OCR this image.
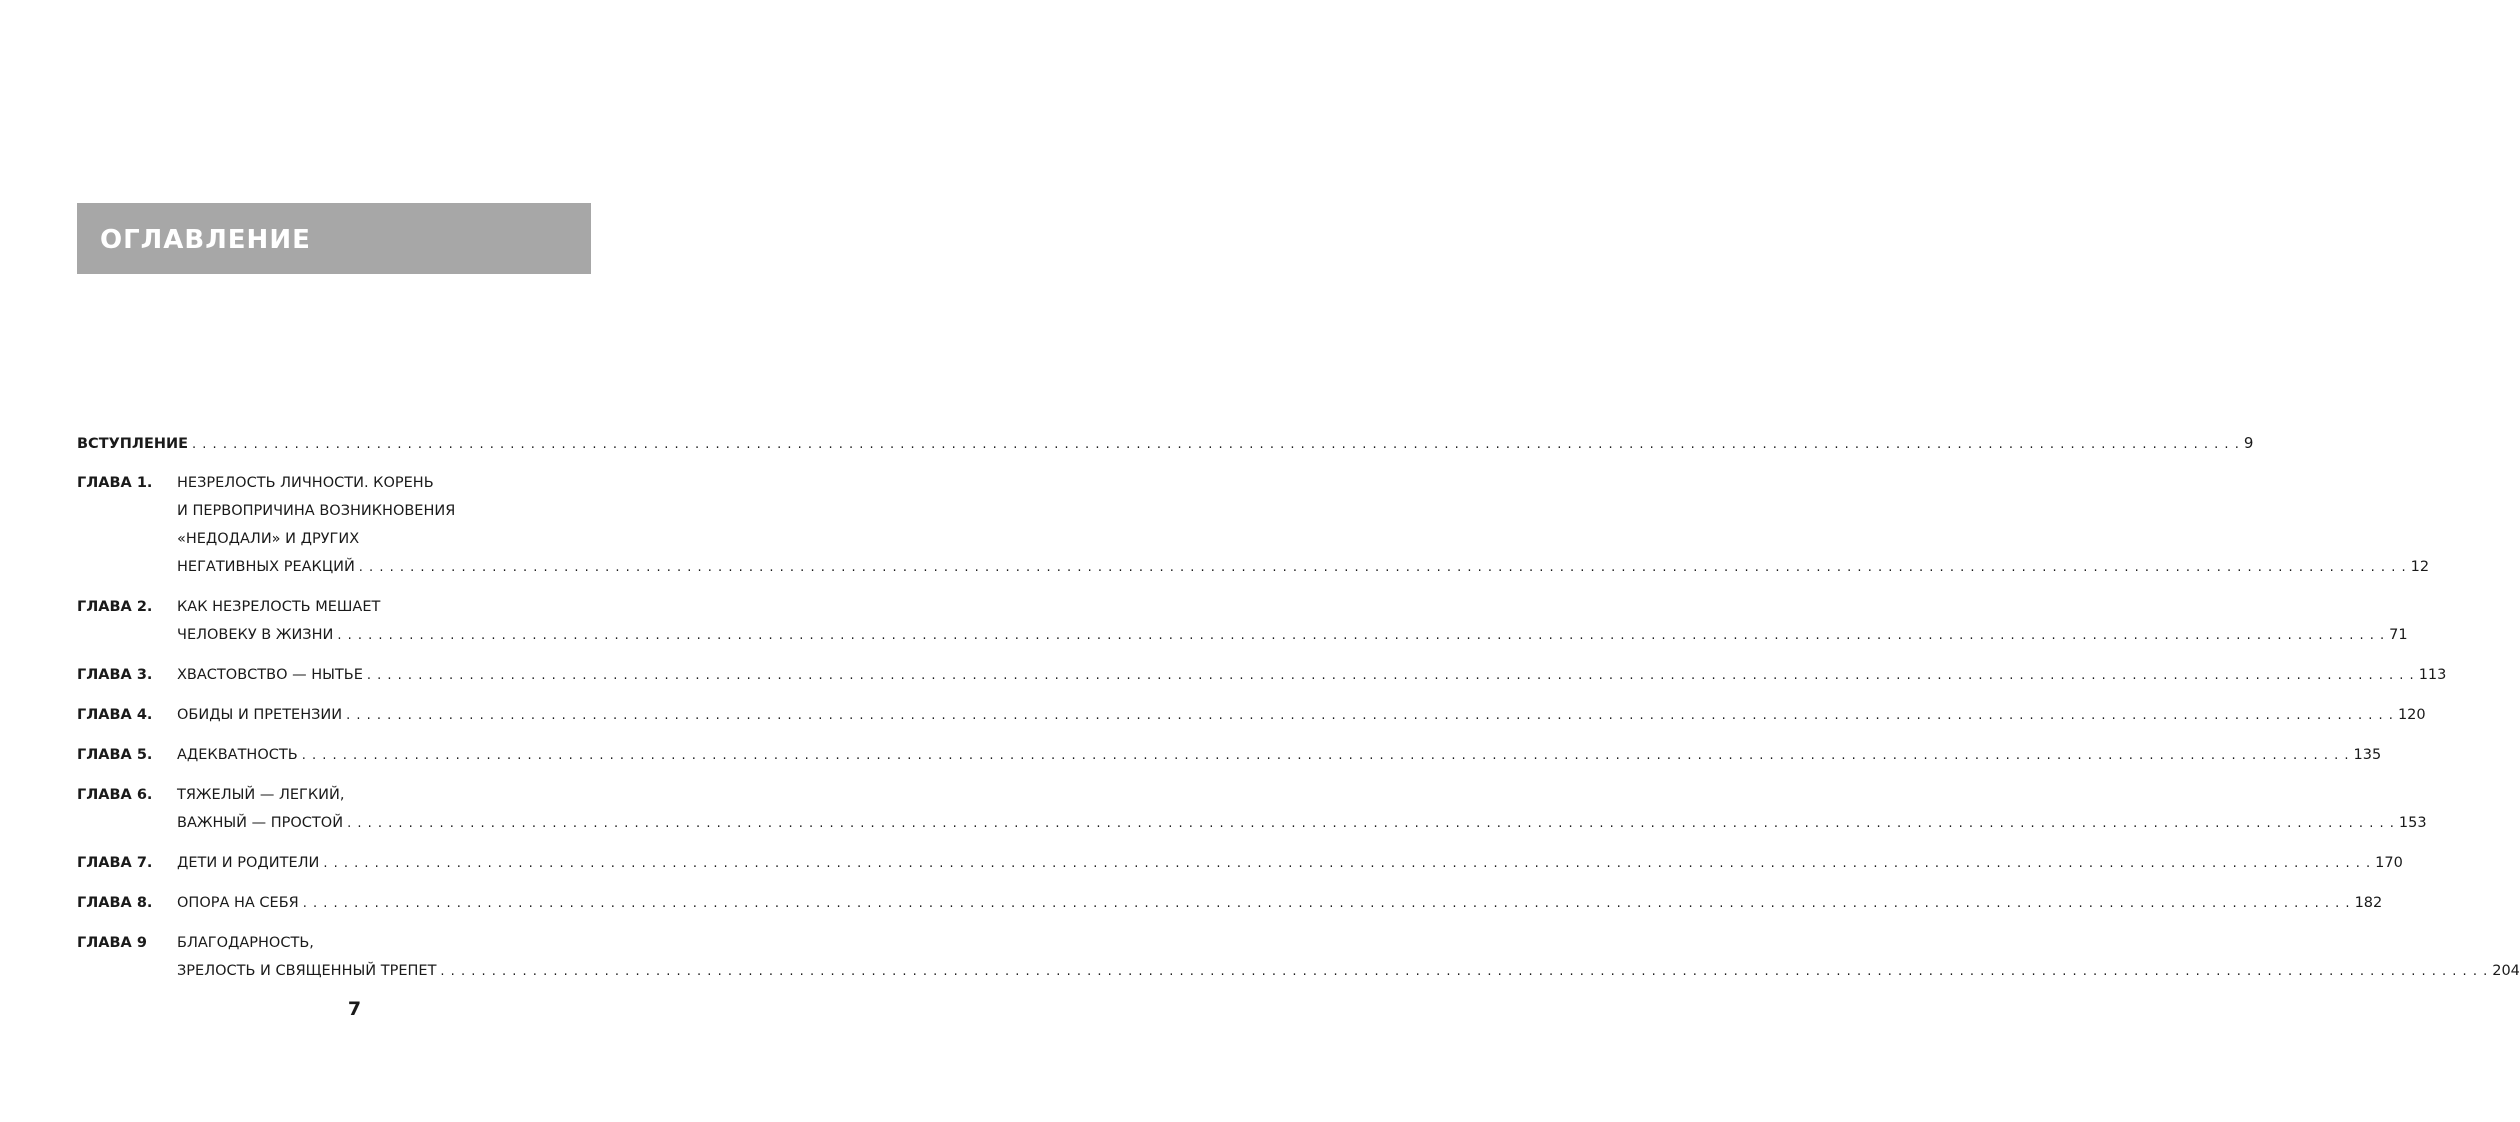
ОГЛАВЛЕНИЕ
ВСТУПЛЕНИЕ . . . . . . . . . . . . . . . . . . . . . . . . . . . . . . . . . . . . . . . . . . . . . . . . . . . . . . . . . . . . . . . . . . . . . . . . . . . . . . . . . . . . . . . . . . . . . . . . . . . . . . . . . . . . . . . . . . . . . . . . . . . . . . . . . . . . . . . . . . . . . . . . . . . . . . . . . . . . . . . . . . . . . . . . . . . . . . . . . . . . . . . . . . . . . . . . . . . . . . . . 9
ГЛАВА 1.	НЕЗРЕЛОСТЬ ЛИЧНОСТИ. КОРЕНЬ
И ПЕРВОПРИЧИНА ВОЗНИКНОВЕНИЯ
«НЕДОДАЛИ» И ДРУГИХ
НЕГАТИВНЫХ РЕАКЦИЙ . . . . . . . . . . . . . . . . . . . . . . . . . . . . . . . . . . . . . . . . . . . . . . . . . . . . . . . . . . . . . . . . . . . . . . . . . . . . . . . . . . . . . . . . . . . . . . . . . . . . . . . . . . . . . . . . . . . . . . . . . . . . . . . . . . . . . . . . . . . . . . . . . . . . . . . . . . . . . . . . . . . . . . . . . . . . . . . . . . . . . . . . . . . . . . . . . . . . . . . . 12
ГЛАВА 2.	КАК НЕЗРЕЛОСТЬ МЕШАЕТ
ЧЕЛОВЕКУ В ЖИЗНИ . . . . . . . . . . . . . . . . . . . . . . . . . . . . . . . . . . . . . . . . . . . . . . . . . . . . . . . . . . . . . . . . . . . . . . . . . . . . . . . . . . . . . . . . . . . . . . . . . . . . . . . . . . . . . . . . . . . . . . . . . . . . . . . . . . . . . . . . . . . . . . . . . . . . . . . . . . . . . . . . . . . . . . . . . . . . . . . . . . . . . . . . . . . . . . . . . . . . . . . . 71
ГЛАВА 3.	ХВАСТОВСТВО — НЫТЬЕ . . . . . . . . . . . . . . . . . . . . . . . . . . . . . . . . . . . . . . . . . . . . . . . . . . . . . . . . . . . . . . . . . . . . . . . . . . . . . . . . . . . . . . . . . . . . . . . . . . . . . . . . . . . . . . . . . . . . . . . . . . . . . . . . . . . . . . . . . . . . . . . . . . . . . . . . . . . . . . . . . . . . . . . . . . . . . . . . . . . . . . . . . . . . . . . . . . . . . . . . 113
ГЛАВА 4.	ОБИДЫ И ПРЕТЕНЗИИ . . . . . . . . . . . . . . . . . . . . . . . . . . . . . . . . . . . . . . . . . . . . . . . . . . . . . . . . . . . . . . . . . . . . . . . . . . . . . . . . . . . . . . . . . . . . . . . . . . . . . . . . . . . . . . . . . . . . . . . . . . . . . . . . . . . . . . . . . . . . . . . . . . . . . . . . . . . . . . . . . . . . . . . . . . . . . . . . . . . . . . . . . . . . . . . . . . . . . . . . 120
ГЛАВА 5.	АДЕКВАТНОСТЬ . . . . . . . . . . . . . . . . . . . . . . . . . . . . . . . . . . . . . . . . . . . . . . . . . . . . . . . . . . . . . . . . . . . . . . . . . . . . . . . . . . . . . . . . . . . . . . . . . . . . . . . . . . . . . . . . . . . . . . . . . . . . . . . . . . . . . . . . . . . . . . . . . . . . . . . . . . . . . . . . . . . . . . . . . . . . . . . . . . . . . . . . . . . . . . . . . . . . . . . . 135
ГЛАВА 6.	ТЯЖЕЛЫЙ — ЛЕГКИЙ,
ВАЖНЫЙ — ПРОСТОЙ . . . . . . . . . . . . . . . . . . . . . . . . . . . . . . . . . . . . . . . . . . . . . . . . . . . . . . . . . . . . . . . . . . . . . . . . . . . . . . . . . . . . . . . . . . . . . . . . . . . . . . . . . . . . . . . . . . . . . . . . . . . . . . . . . . . . . . . . . . . . . . . . . . . . . . . . . . . . . . . . . . . . . . . . . . . . . . . . . . . . . . . . . . . . . . . . . . . . . . . . 153
ГЛАВА 7.	ДЕТИ И РОДИТЕЛИ . . . . . . . . . . . . . . . . . . . . . . . . . . . . . . . . . . . . . . . . . . . . . . . . . . . . . . . . . . . . . . . . . . . . . . . . . . . . . . . . . . . . . . . . . . . . . . . . . . . . . . . . . . . . . . . . . . . . . . . . . . . . . . . . . . . . . . . . . . . . . . . . . . . . . . . . . . . . . . . . . . . . . . . . . . . . . . . . . . . . . . . . . . . . . . . . . . . . . . . . 170
ГЛАВА 8.	ОПОРА НА СЕБЯ . . . . . . . . . . . . . . . . . . . . . . . . . . . . . . . . . . . . . . . . . . . . . . . . . . . . . . . . . . . . . . . . . . . . . . . . . . . . . . . . . . . . . . . . . . . . . . . . . . . . . . . . . . . . . . . . . . . . . . . . . . . . . . . . . . . . . . . . . . . . . . . . . . . . . . . . . . . . . . . . . . . . . . . . . . . . . . . . . . . . . . . . . . . . . . . . . . . . . . . . 182
ГЛАВА 9	БЛАГОДАРНОСТЬ,
ЗРЕЛОСТЬ И СВЯЩЕННЫЙ ТРЕПЕТ . . . . . . . . . . . . . . . . . . . . . . . . . . . . . . . . . . . . . . . . . . . . . . . . . . . . . . . . . . . . . . . . . . . . . . . . . . . . . . . . . . . . . . . . . . . . . . . . . . . . . . . . . . . . . . . . . . . . . . . . . . . . . . . . . . . . . . . . . . . . . . . . . . . . . . . . . . . . . . . . . . . . . . . . . . . . . . . . . . . . . . . . . . . . . . . . . . . . . . . . 204
7
